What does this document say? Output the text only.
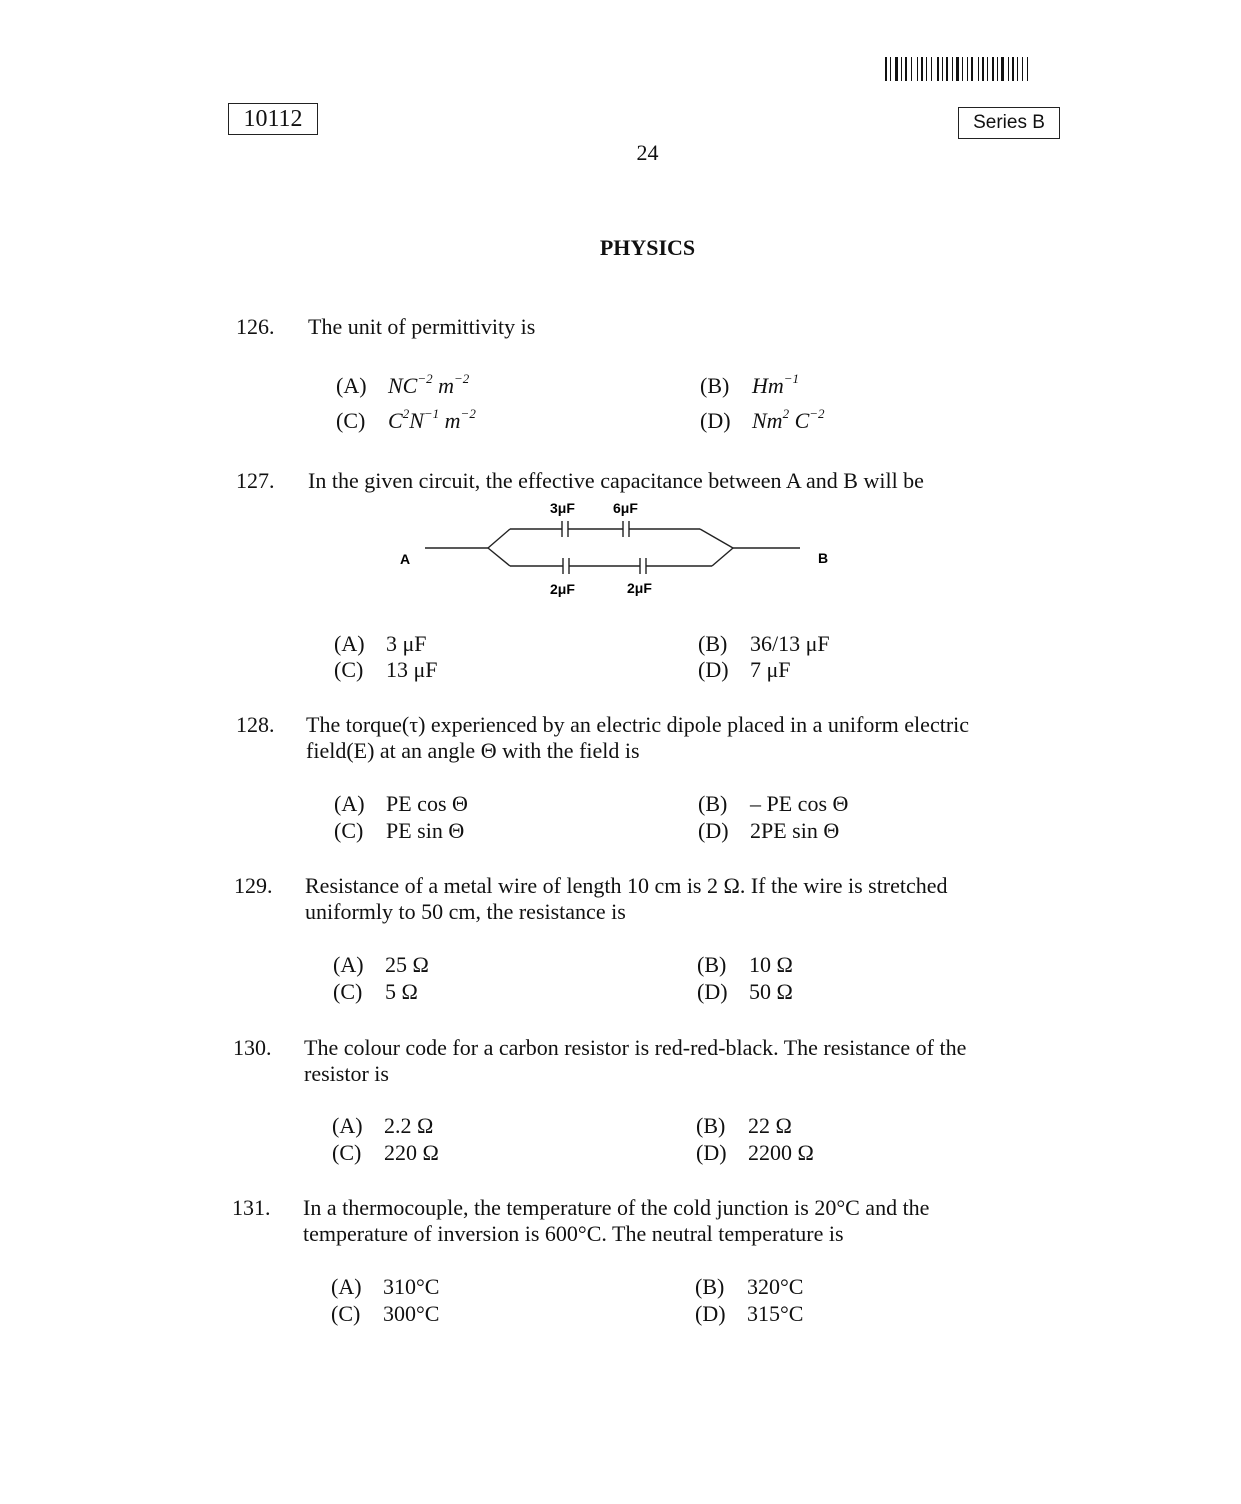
10112	Series B
24
PHYSICS
126. The unit of permittivity is
(A) $NC^{-2}$ $m^{-2}$	(B) $Hm^{-1}$
(C) $C^2N^{-1}$ $m^{-2}$	(D) Nm$^2$ $C^{-2}$
127. In the given circuit, the effective capacitance between A and B will be
A	B
3μF	6μF
2μF	2μF
(A) 3 μF	(B) 36/13 μF
(C) 13 μF	(D) 7 μF
128. The torque(τ) experienced by an electric dipole placed in a uniform electric
field(E) at an angle Θ with the field is
(A) PE cos Θ	(B) – PE cos Θ
(C) PE sin Θ	(D) 2PE sin Θ
129. Resistance of a metal wire of length 10 cm is 2 Ω. If the wire is stretched
uniformly to 50 cm, the resistance is
(A) 25 Ω	(B) 10 Ω
(C) 5 Ω	(D) 50 Ω
130. The colour code for a carbon resistor is red-red-black. The resistance of the
resistor is
(A) 2.2 Ω	(B) 22 Ω
(C) 220 Ω	(D) 2200 Ω
131. In a thermocouple, the temperature of the cold junction is 20°C and the
temperature of inversion is 600°C. The neutral temperature is
(A) 310°C	(B) 320°C
(C) 300°C	(D) 315°C
